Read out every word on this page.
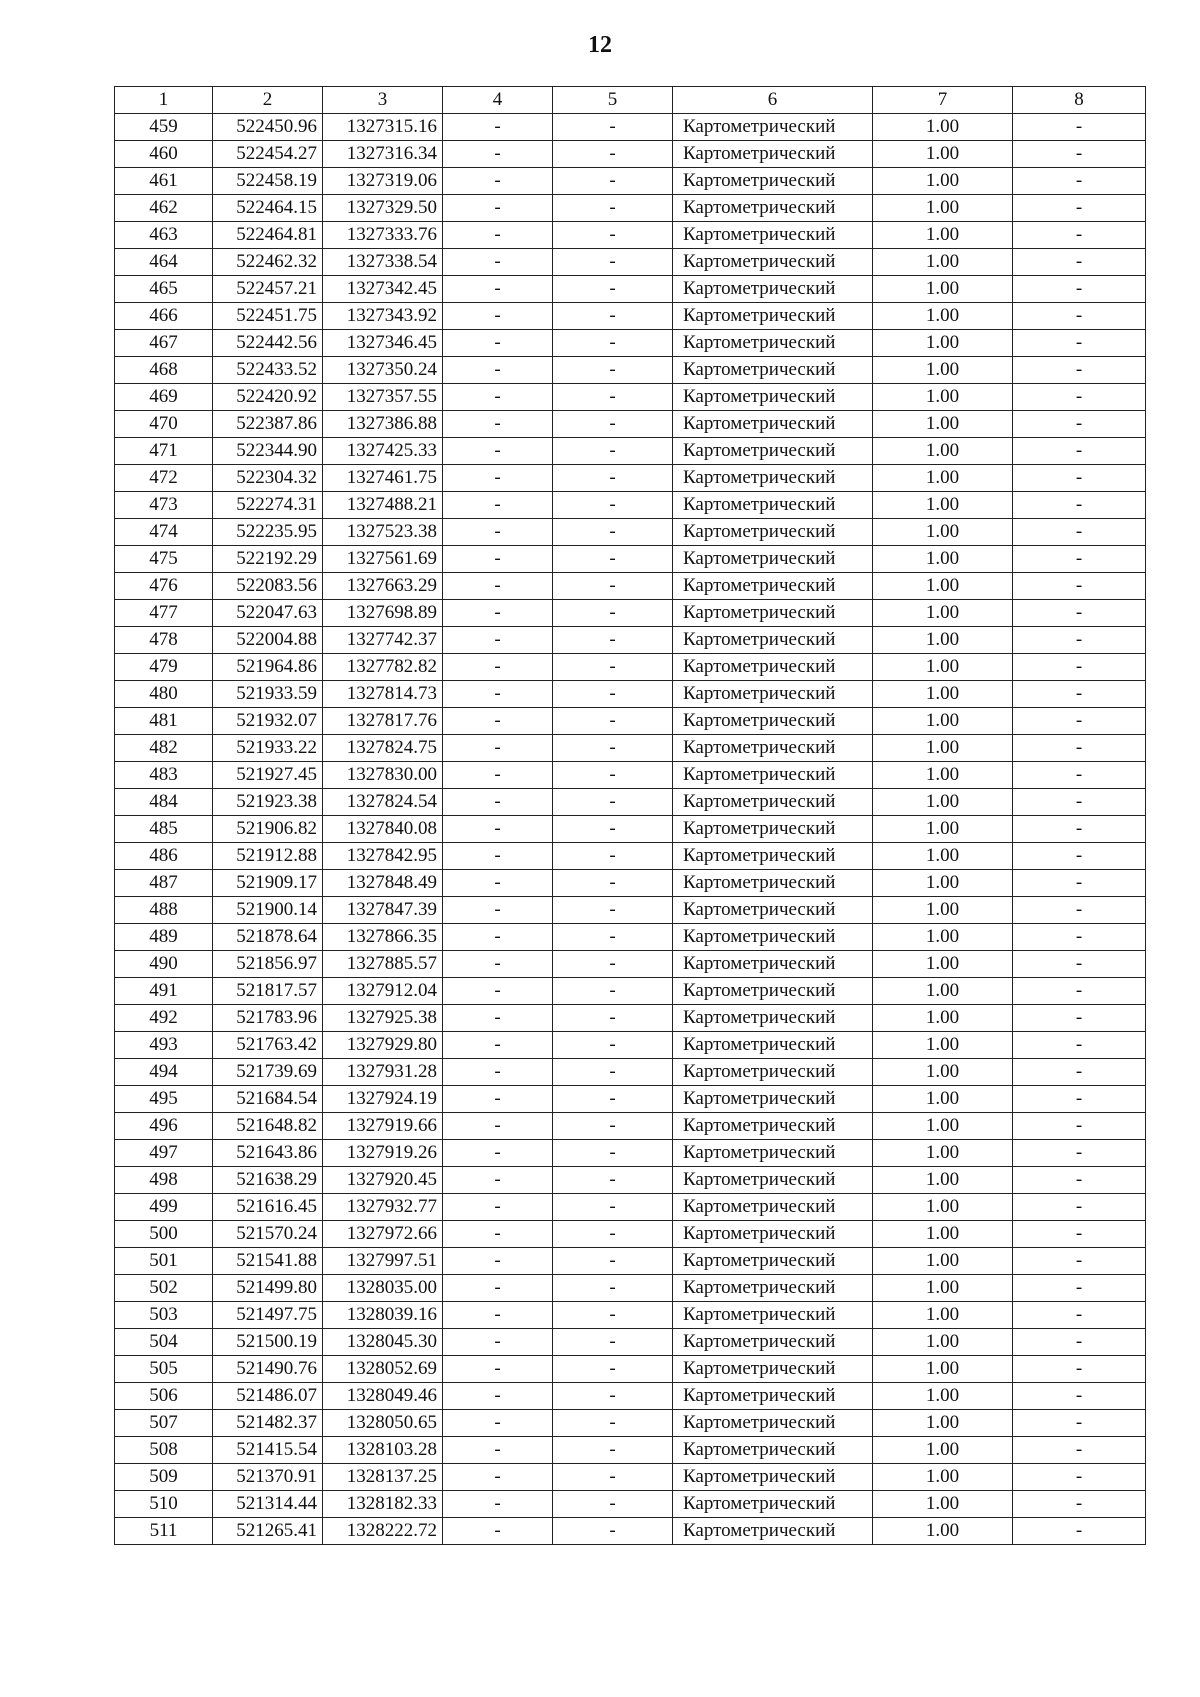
12
1	2	3	4	5	6	7	8
459	522450.96	1327315.16	-	-	Картометрический	1.00	-
460	522454.27	1327316.34	-	-	Картометрический	1.00	-
461	522458.19	1327319.06	-	-	Картометрический	1.00	-
462	522464.15	1327329.50	-	-	Картометрический	1.00	-
463	522464.81	1327333.76	-	-	Картометрический	1.00	-
464	522462.32	1327338.54	-	-	Картометрический	1.00	-
465	522457.21	1327342.45	-	-	Картометрический	1.00	-
466	522451.75	1327343.92	-	-	Картометрический	1.00	-
467	522442.56	1327346.45	-	-	Картометрический	1.00	-
468	522433.52	1327350.24	-	-	Картометрический	1.00	-
469	522420.92	1327357.55	-	-	Картометрический	1.00	-
470	522387.86	1327386.88	-	-	Картометрический	1.00	-
471	522344.90	1327425.33	-	-	Картометрический	1.00	-
472	522304.32	1327461.75	-	-	Картометрический	1.00	-
473	522274.31	1327488.21	-	-	Картометрический	1.00	-
474	522235.95	1327523.38	-	-	Картометрический	1.00	-
475	522192.29	1327561.69	-	-	Картометрический	1.00	-
476	522083.56	1327663.29	-	-	Картометрический	1.00	-
477	522047.63	1327698.89	-	-	Картометрический	1.00	-
478	522004.88	1327742.37	-	-	Картометрический	1.00	-
479	521964.86	1327782.82	-	-	Картометрический	1.00	-
480	521933.59	1327814.73	-	-	Картометрический	1.00	-
481	521932.07	1327817.76	-	-	Картометрический	1.00	-
482	521933.22	1327824.75	-	-	Картометрический	1.00	-
483	521927.45	1327830.00	-	-	Картометрический	1.00	-
484	521923.38	1327824.54	-	-	Картометрический	1.00	-
485	521906.82	1327840.08	-	-	Картометрический	1.00	-
486	521912.88	1327842.95	-	-	Картометрический	1.00	-
487	521909.17	1327848.49	-	-	Картометрический	1.00	-
488	521900.14	1327847.39	-	-	Картометрический	1.00	-
489	521878.64	1327866.35	-	-	Картометрический	1.00	-
490	521856.97	1327885.57	-	-	Картометрический	1.00	-
491	521817.57	1327912.04	-	-	Картометрический	1.00	-
492	521783.96	1327925.38	-	-	Картометрический	1.00	-
493	521763.42	1327929.80	-	-	Картометрический	1.00	-
494	521739.69	1327931.28	-	-	Картометрический	1.00	-
495	521684.54	1327924.19	-	-	Картометрический	1.00	-
496	521648.82	1327919.66	-	-	Картометрический	1.00	-
497	521643.86	1327919.26	-	-	Картометрический	1.00	-
498	521638.29	1327920.45	-	-	Картометрический	1.00	-
499	521616.45	1327932.77	-	-	Картометрический	1.00	-
500	521570.24	1327972.66	-	-	Картометрический	1.00	-
501	521541.88	1327997.51	-	-	Картометрический	1.00	-
502	521499.80	1328035.00	-	-	Картометрический	1.00	-
503	521497.75	1328039.16	-	-	Картометрический	1.00	-
504	521500.19	1328045.30	-	-	Картометрический	1.00	-
505	521490.76	1328052.69	-	-	Картометрический	1.00	-
506	521486.07	1328049.46	-	-	Картометрический	1.00	-
507	521482.37	1328050.65	-	-	Картометрический	1.00	-
508	521415.54	1328103.28	-	-	Картометрический	1.00	-
509	521370.91	1328137.25	-	-	Картометрический	1.00	-
510	521314.44	1328182.33	-	-	Картометрический	1.00	-
511	521265.41	1328222.72	-	-	Картометрический	1.00	-
